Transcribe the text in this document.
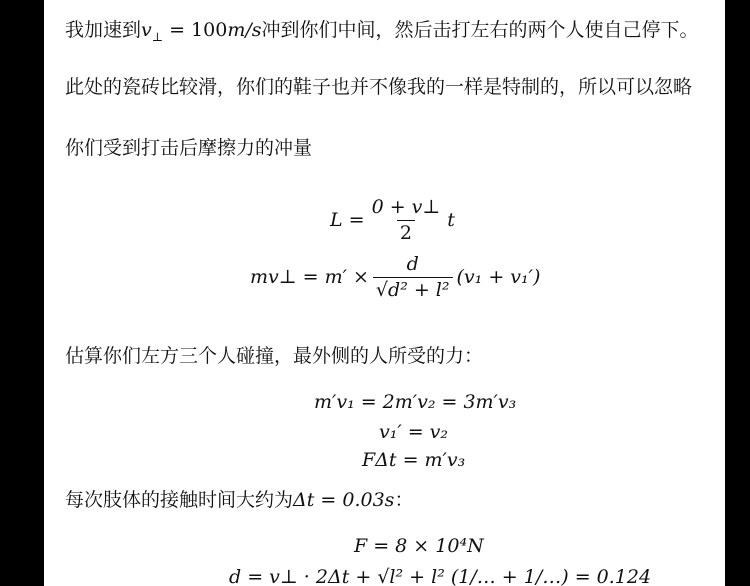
我加速到$v_\perp = 100m/s$冲到你们中间，然后击打左右的两个人使自己停下。
此处的瓷砖比较滑，你们的鞋子也并不像我的一样是特制的，所以可以忽略
你们受到打击后摩擦力的冲量
$L = \frac{0 + v\perp}{2}$ t
mv⊥ = $m' \times \frac{d}{\text{√d² + l²}} (v_1 + v_1')$
估算你们左方三个人碰撞，最外侧的人所受的力：
m′v₁ = 2m′v₂ = 3m′v₃
v₁′ = v₂
FΔt = m′v₃
每次肢体的接触时间大约为Δt = 0.03s：
F = 8 × 10⁴N
d = v⊥ · 2Δt + √l² + l² (1/… + 1/…) = 0.124
